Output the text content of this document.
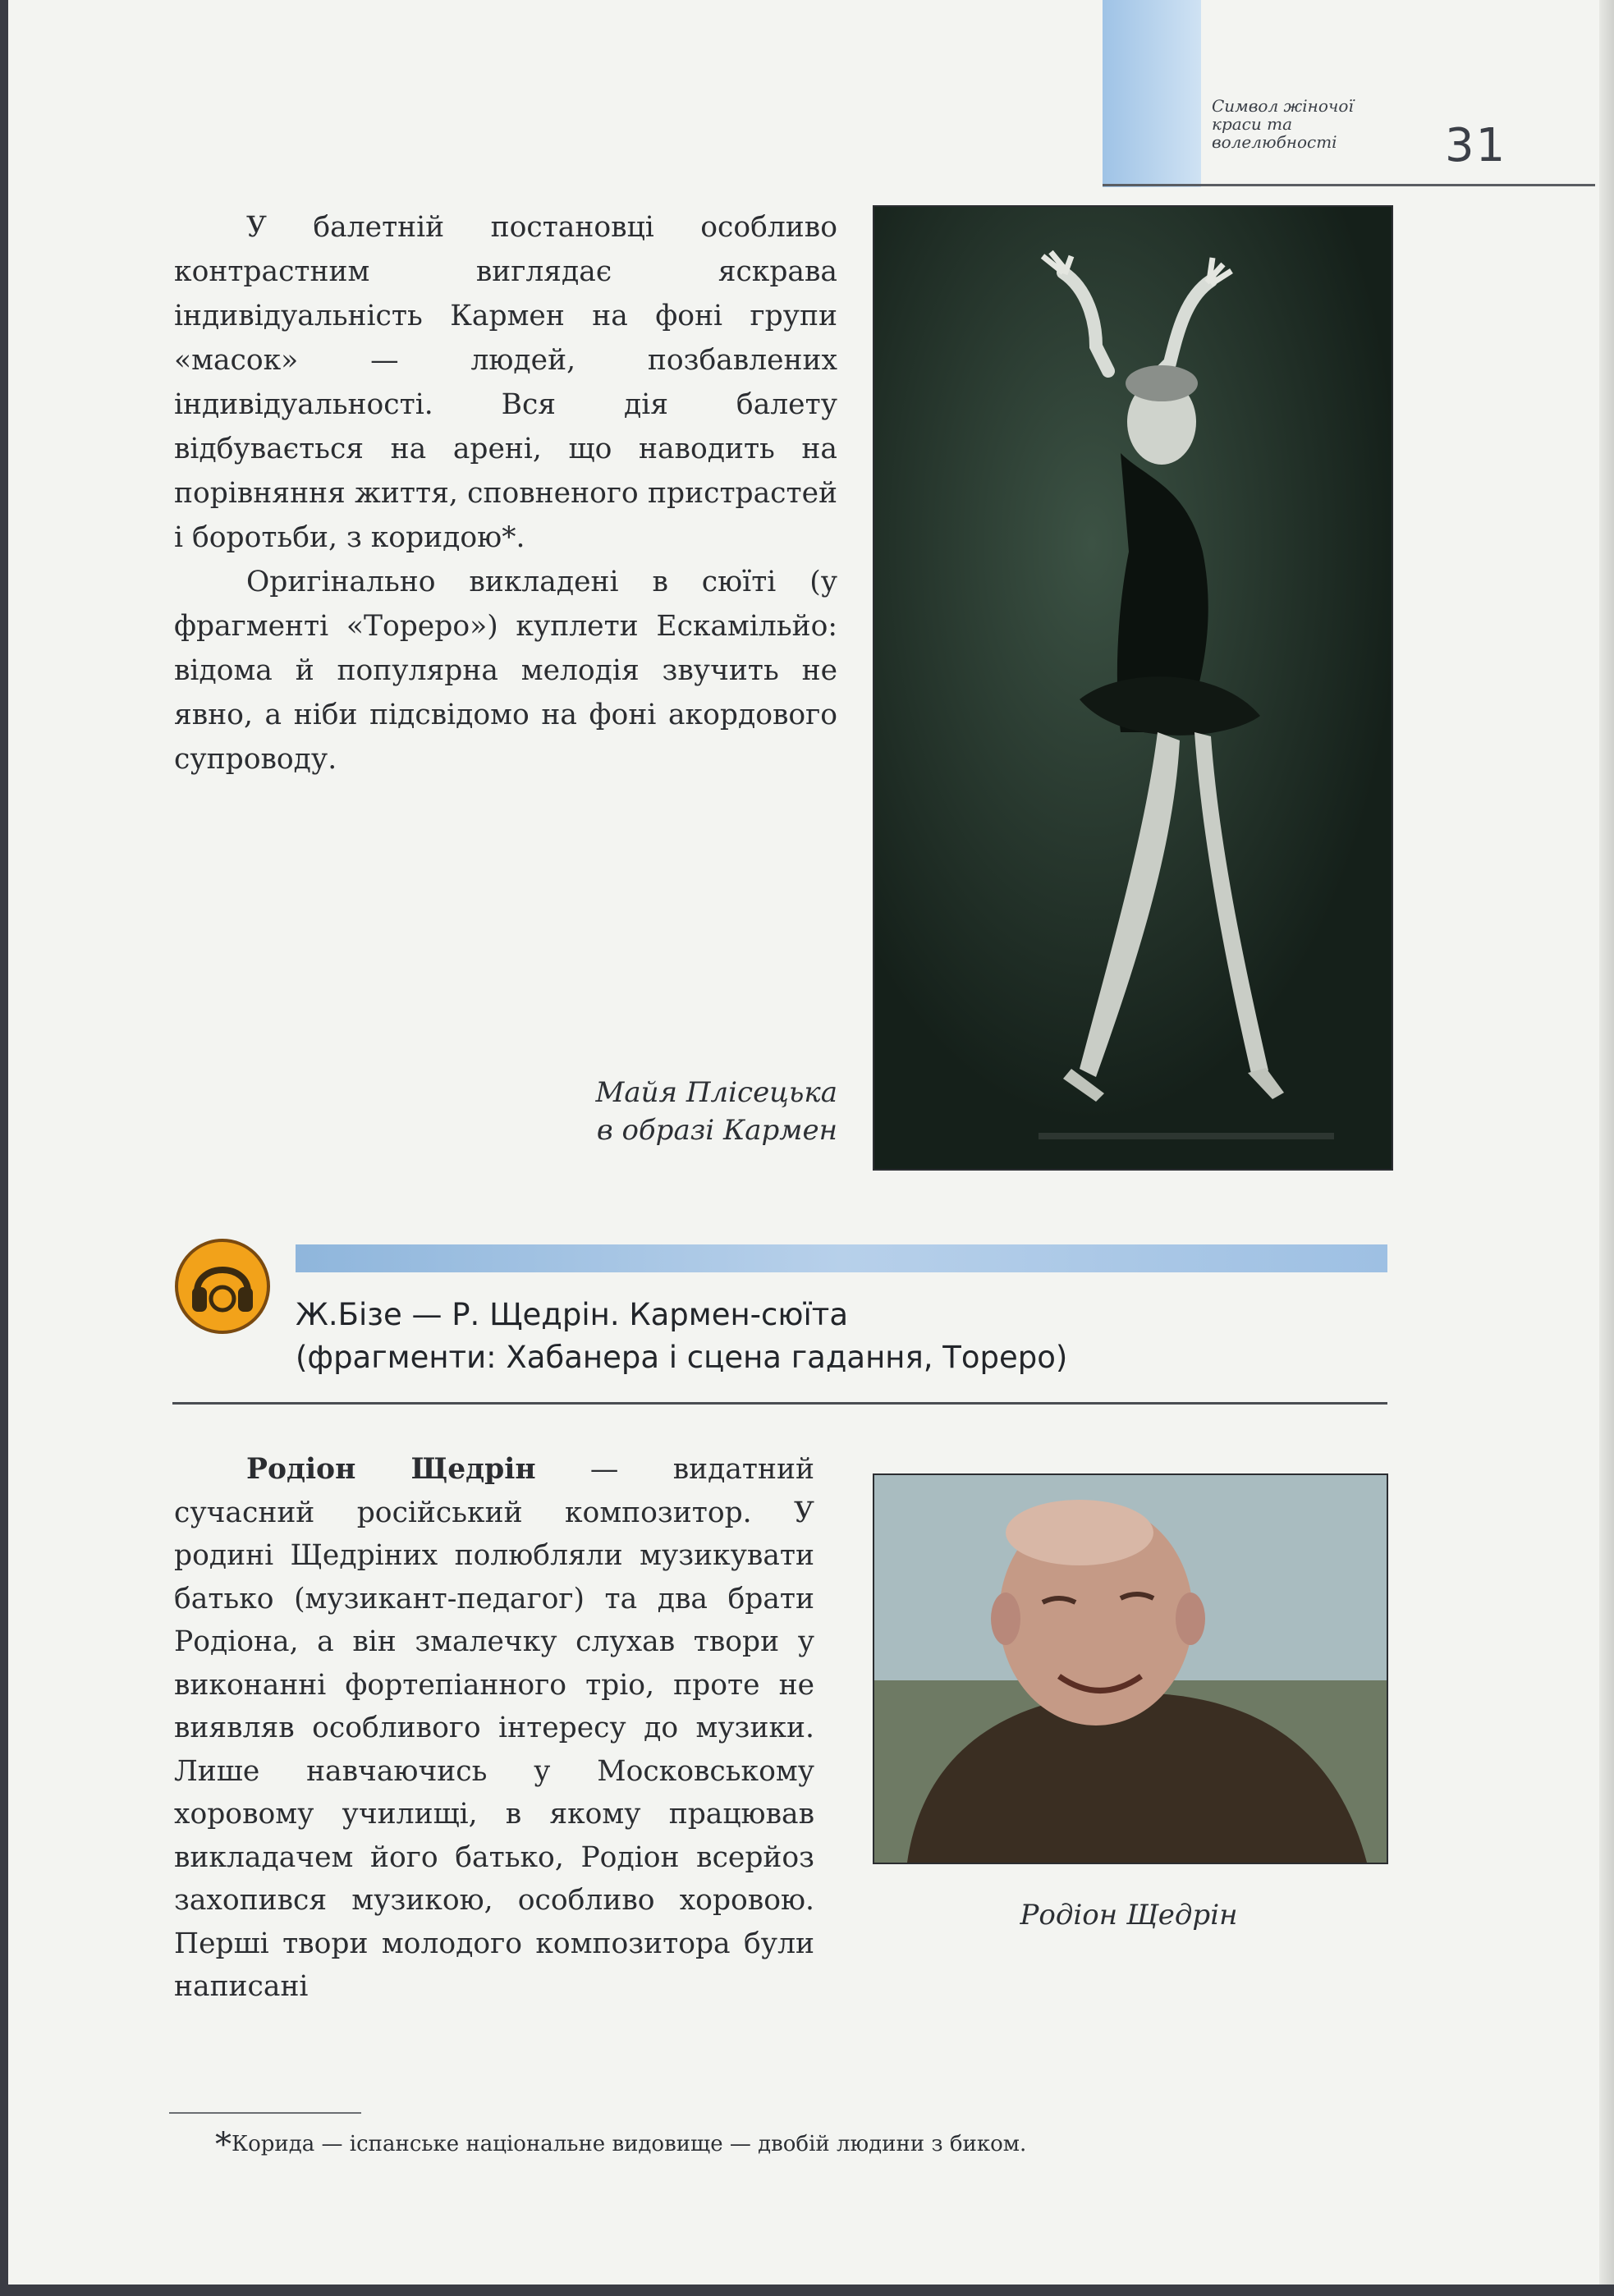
Символ жіночої
краси та
волелюбності	31

У балетній постановці особливо контрастним виглядає яскрава індивідуальність Кармен на фоні групи «масок» — людей, позбавлених індивідуальності. Вся дія балету відбувається на арені, що наводить на порівняння життя, сповненого пристрастей і боротьби, з коридою*.

Оригінально викладені в сюїті (у фрагменті «Тореро») куплети Ескамільйо: відома й популярна мелодія звучить не явно, а ніби підсвідомо на фоні акордового супроводу.

Майя Плісецька
в образі Кармен
Ж.Бізе — Р. Щедрін. Кармен-сюїта
(фрагменти: Хабанера і сцена гадання, Тореро)

Родіон Щедрін — видатний сучасний російський композитор. У родині Щедріних полюбляли музикувати батько (музикант-педагог) та два брати Родіона, а він змалечку слухав твори у виконанні фортепіанного тріо, проте не виявляв особливого інтересу до музики. Лише навчаючись у Московському хоровому училищі, в якому працював викладачем його батько, Родіон всерйоз захопився музикою, особливо хоровою. Перші твори молодого композитора були написані

Родіон Щедрін
*Корида — іспанське національне видовище — двобій людини з биком.
